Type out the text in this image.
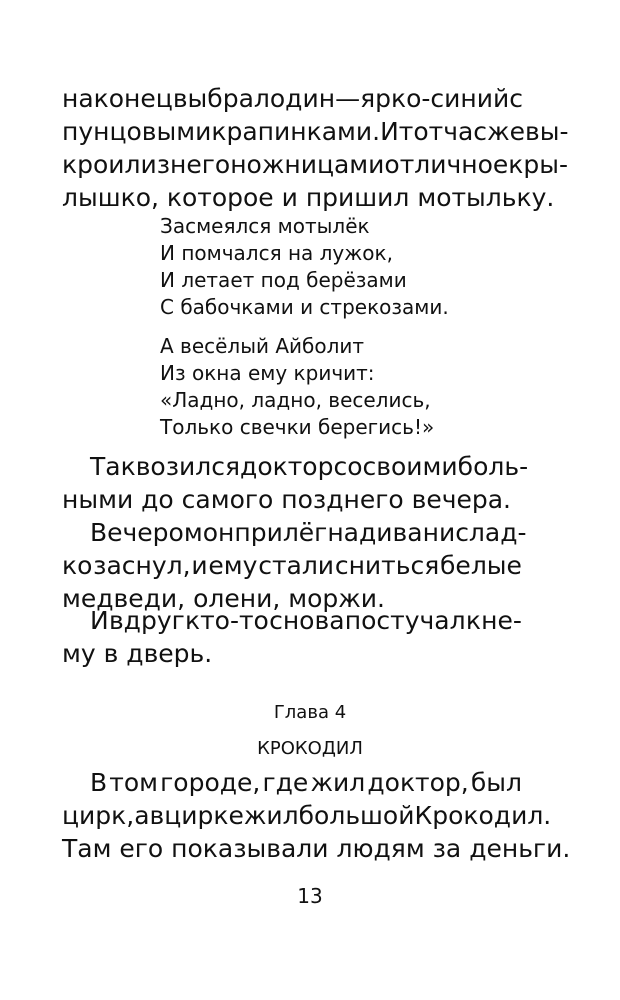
наконец выбрал один — ярко-синий с
пунцовыми крапинками. И тотчас же вы-
кроил из него ножницами отличное кры-
лышко, которое и пришил мотыльку.
Засмеялся мотылёк
И помчался на лужок,
И летает под берёзами
С бабочками и стрекозами.
А весёлый Айболит
Из окна ему кричит:
«Ладно, ладно, веселись,
Только свечки берегись!»
Так возился доктор со своими боль-
ными до самого позднего вечера.
Вечером он прилёг на диван и слад-
ко заснул, и ему стали сниться белые
медведи, олени, моржи.
И вдруг кто-то снова постучал к не-
му в дверь.
Глава 4
КРОКОДИЛ
В том городе, где жил доктор, был
цирк, а в цирке жил большой Крокодил.
Там его показывали людям за деньги.
13
